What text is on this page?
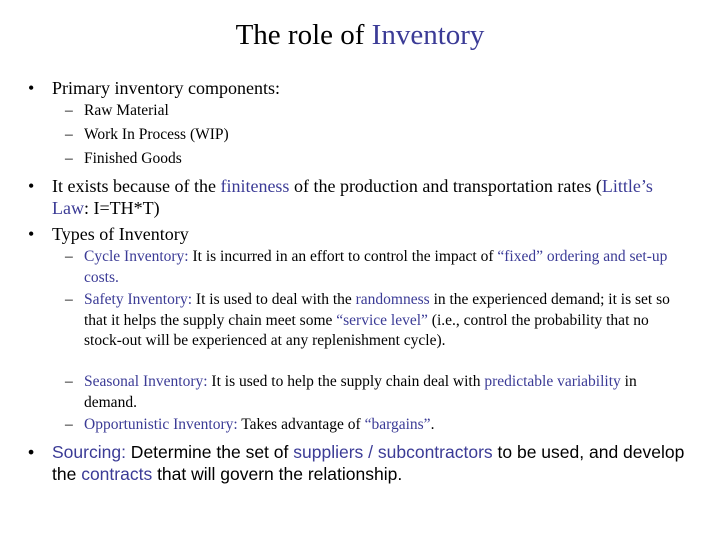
The role of Inventory
• Primary inventory components:
– Raw Material
– Work In Process (WIP)
– Finished Goods
• It exists because of the finiteness of the production and transportation rates (Little’s Law: I=TH*T)
• Types of Inventory
– Cycle Inventory: It is incurred in an effort to control the impact of “fixed” ordering and set-up costs.
– Safety Inventory: It is used to deal with the randomness in the experienced demand; it is set so that it helps the supply chain meet some “service level” (i.e., control the probability that no stock-out will be experienced at any replenishment cycle).
– Seasonal Inventory: It is used to help the supply chain deal with predictable variability in demand.
– Opportunistic Inventory: Takes advantage of “bargains”.
• Sourcing: Determine the set of suppliers / subcontractors to be used, and develop the contracts that will govern the relationship.
